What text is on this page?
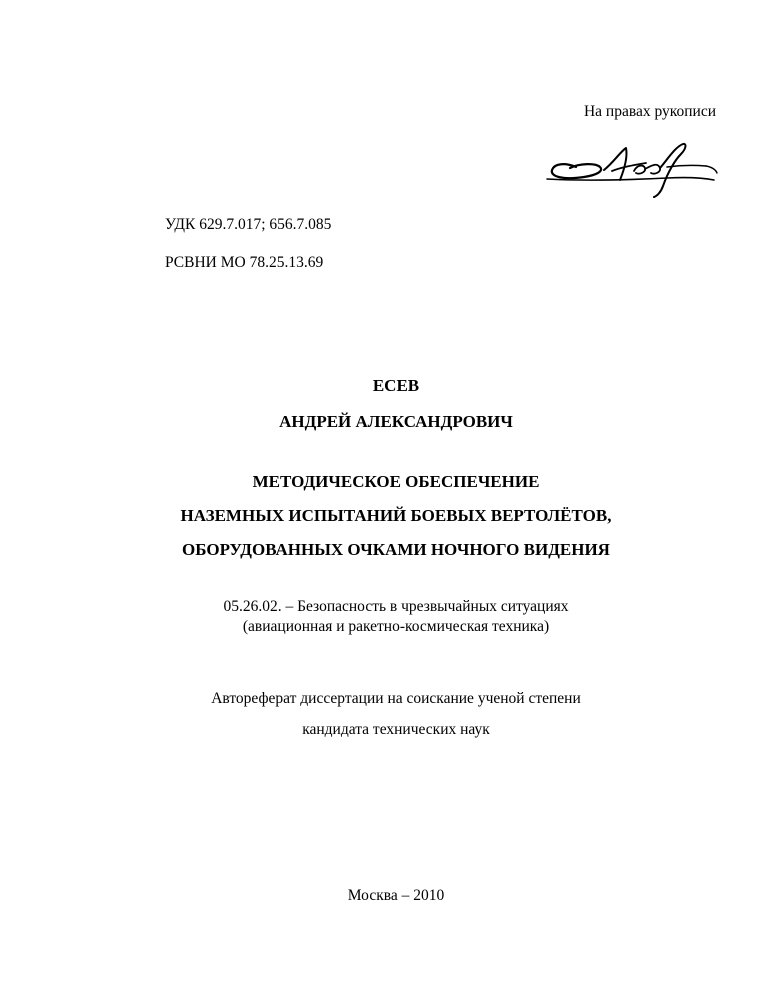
На правах рукописи
УДК 629.7.017; 656.7.085
РСВНИ МО 78.25.13.69
ЕСЕВ
АНДРЕЙ АЛЕКСАНДРОВИЧ
МЕТОДИЧЕСКОЕ ОБЕСПЕЧЕНИЕ
НАЗЕМНЫХ ИСПЫТАНИЙ БОЕВЫХ ВЕРТОЛЁТОВ,
ОБОРУДОВАННЫХ ОЧКАМИ НОЧНОГО ВИДЕНИЯ
05.26.02. – Безопасность в чрезвычайных ситуациях
(авиационная и ракетно-космическая техника)
Автореферат диссертации на соискание ученой степени
кандидата технических наук
Москва – 2010
